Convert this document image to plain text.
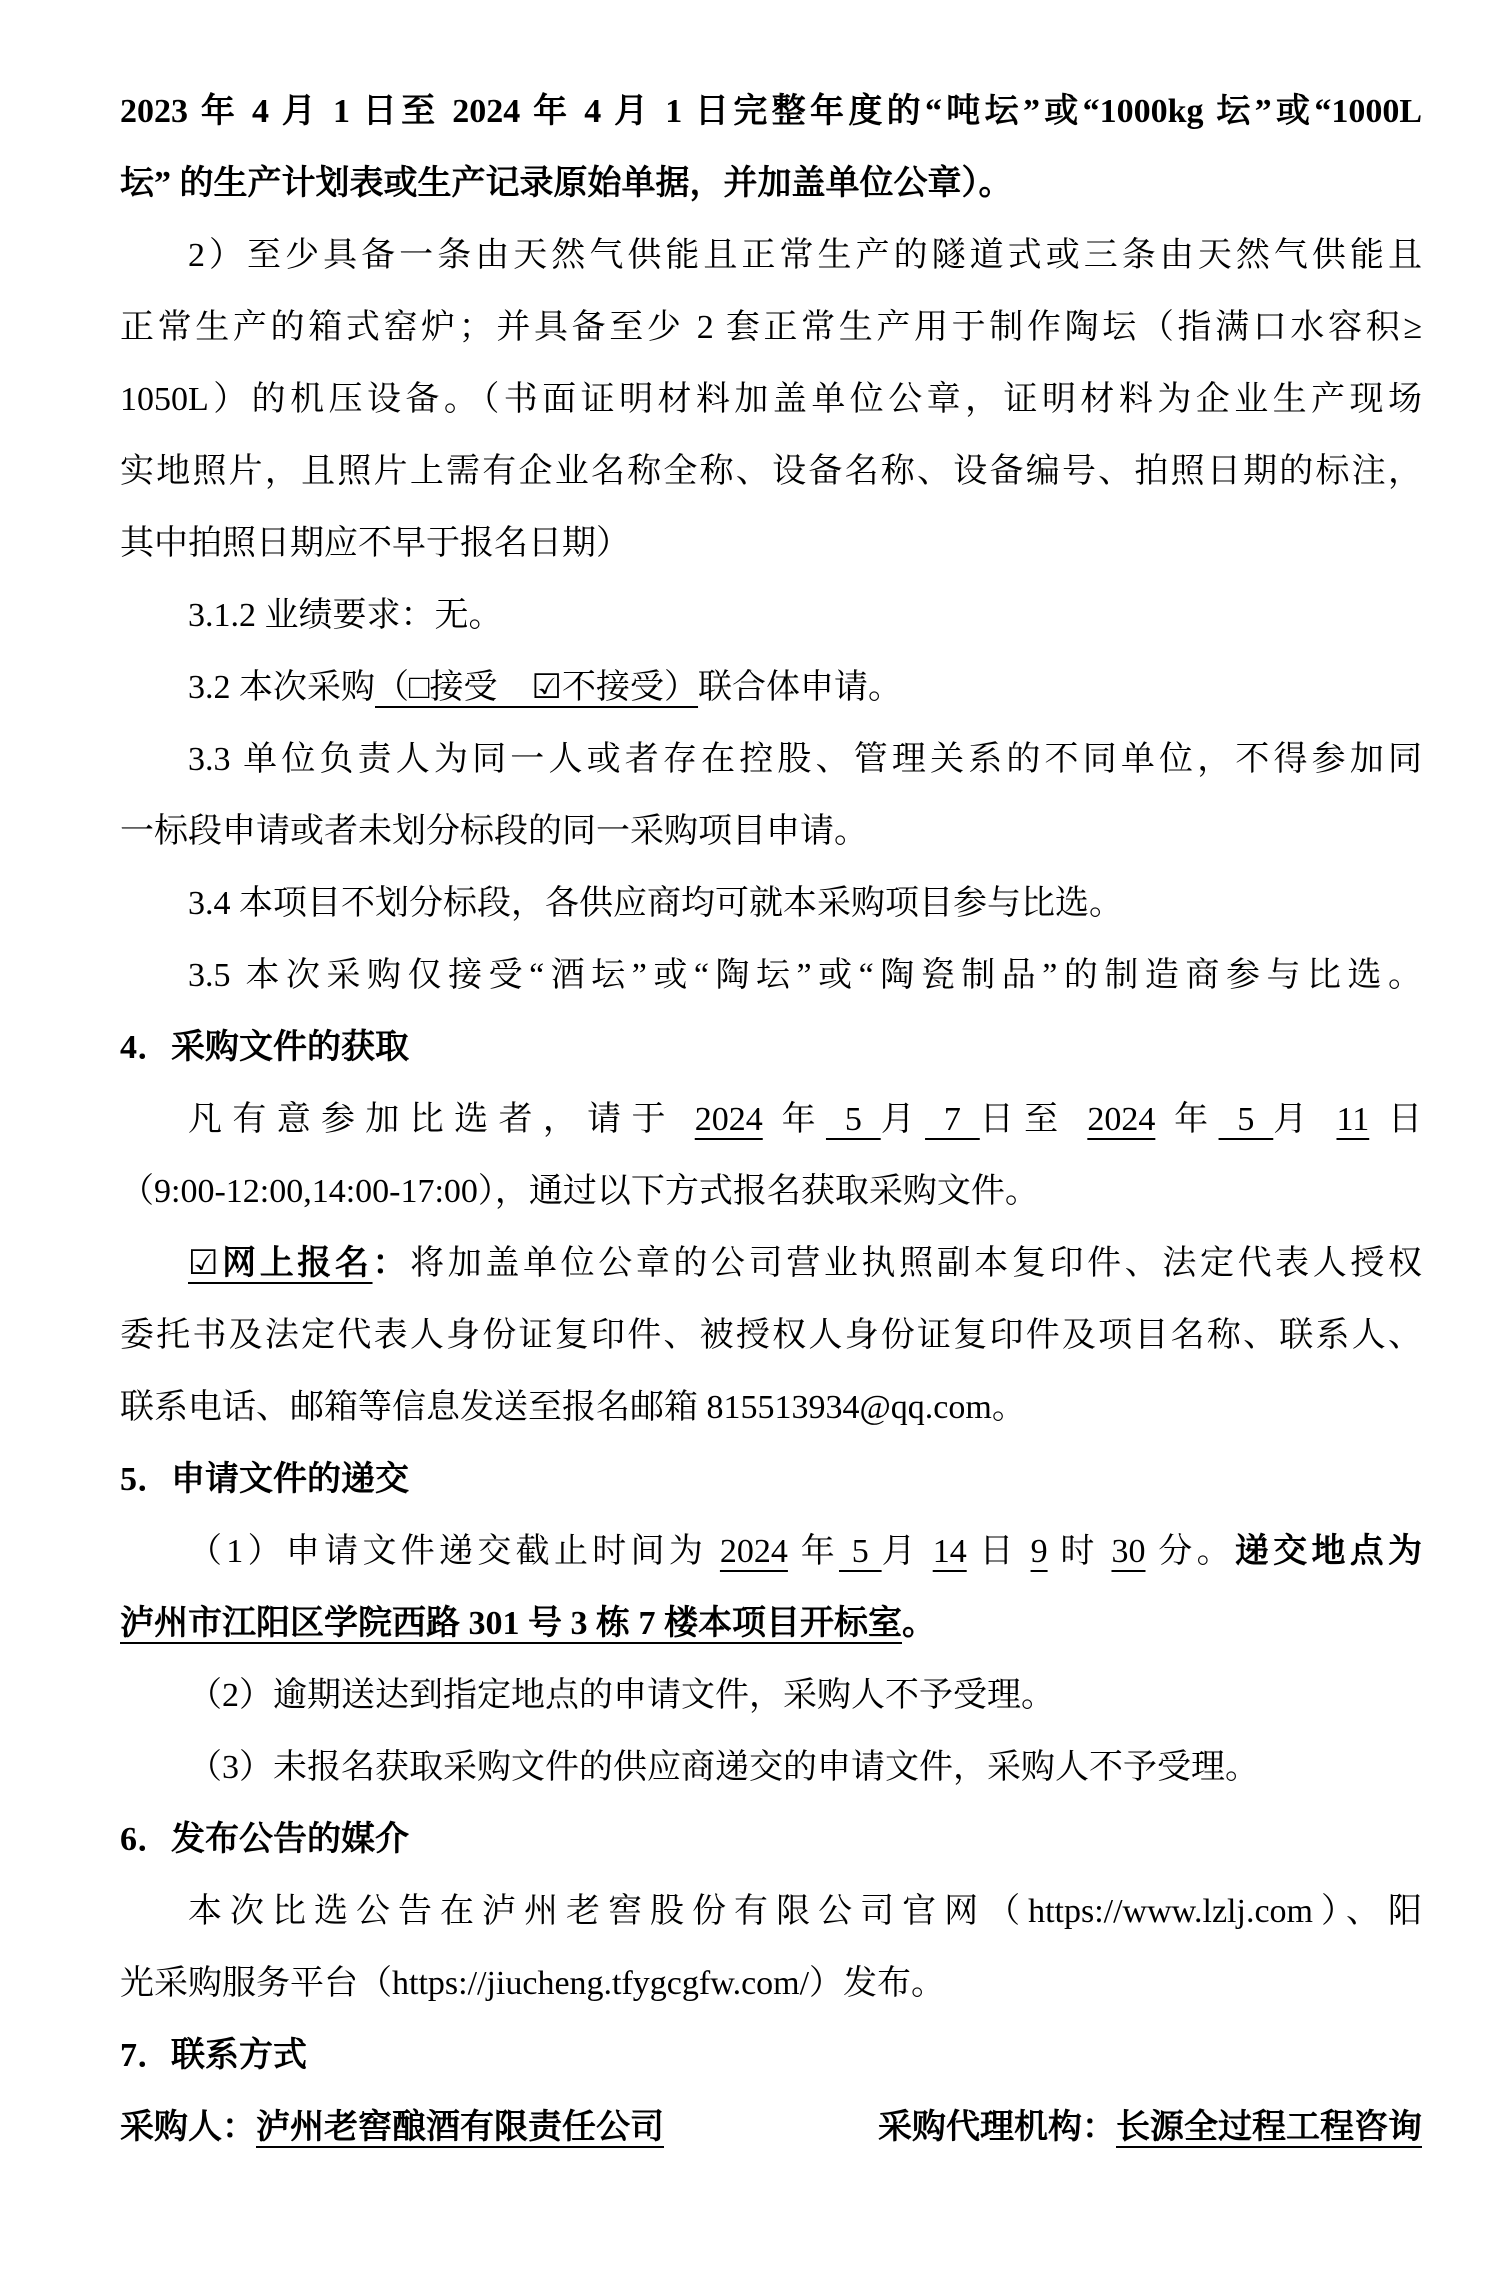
2023 年 4 月 1 日至 2024 年 4 月 1 日完整年度的“吨坛”或“1000kg 坛”或“1000L
坛” 的生产计划表或生产记录原始单据，并加盖单位公章）。
2）至少具备一条由天然气供能且正常生产的隧道式或三条由天然气供能且
正常生产的箱式窑炉；并具备至少 2 套正常生产用于制作陶坛（指满口水容积≥
1050L）的机压设备。（书面证明材料加盖单位公章，证明材料为企业生产现场
实地照片，且照片上需有企业名称全称、设备名称、设备编号、拍照日期的标注，
其中拍照日期应不早于报名日期）
3.1.2 业绩要求：无。
3.2 本次采购（□接受　☑不接受）联合体申请。
3.3 单位负责人为同一人或者存在控股、管理关系的不同单位，不得参加同
一标段申请或者未划分标段的同一采购项目申请。
3.4 本项目不划分标段，各供应商均可就本采购项目参与比选。
3.5 本次采购仅接受“酒坛”或“陶坛”或“陶瓷制品”的制造商参与比选。
4．采购文件的获取
凡有意参加比选者，请于 2024 年 5 月 7 日至 2024 年 5 月 11 日
（9:00-12:00,14:00-17:00），通过以下方式报名获取采购文件。
☑网上报名：将加盖单位公章的公司营业执照副本复印件、法定代表人授权
委托书及法定代表人身份证复印件、被授权人身份证复印件及项目名称、联系人、
联系电话、邮箱等信息发送至报名邮箱 815513934@qq.com。
5．申请文件的递交
（1）申请文件递交截止时间为 2024 年 5 月 14 日 9 时 30 分。递交地点为
泸州市江阳区学院西路 301 号 3 栋 7 楼本项目开标室。
（2）逾期送达到指定地点的申请文件，采购人不予受理。
（3）未报名获取采购文件的供应商递交的申请文件，采购人不予受理。
6．发布公告的媒介
本次比选公告在泸州老窖股份有限公司官网（https://www.lzlj.com）、阳
光采购服务平台（https://jiucheng.tfygcgfw.com/）发布。
7．联系方式
采购人：泸州老窖酿酒有限责任公司	采购代理机构：长源全过程工程咨询
